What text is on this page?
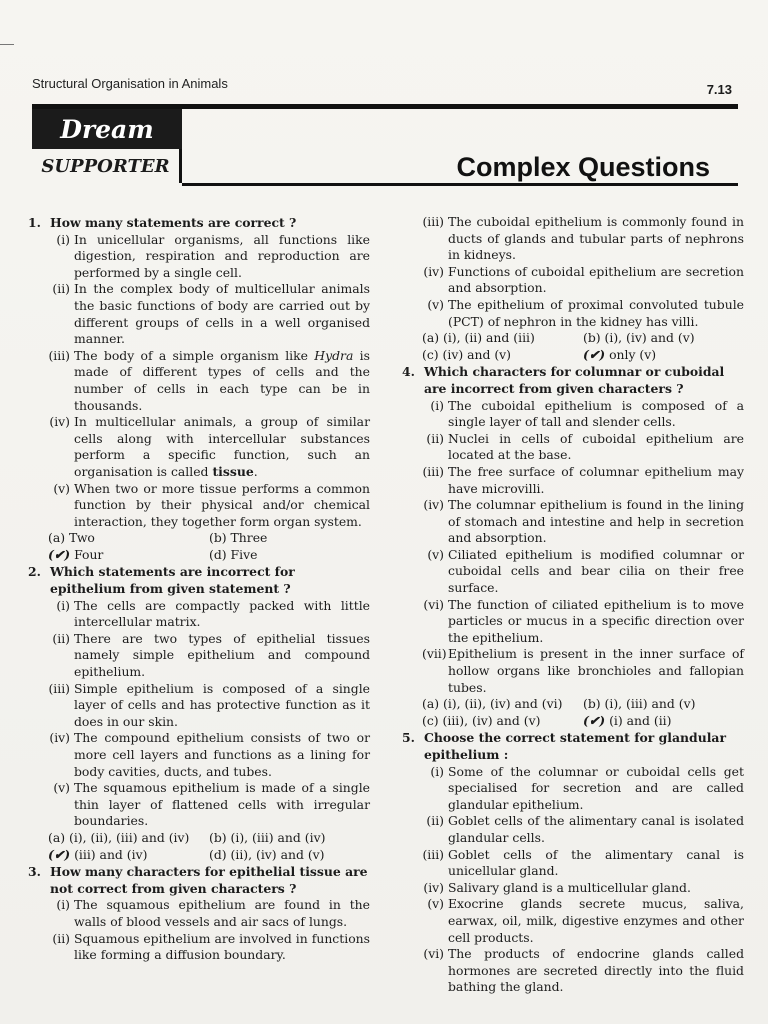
Structural Organisation in Animals	7.13
Dream
SUPPORTER	Complex Questions
1. How many statements are correct ?
(i) In unicellular organisms, all functions like digestion, respiration and reproduction are performed by a single cell.
(ii) In the complex body of multicellular animals the basic functions of body are carried out by different groups of cells in a well organised manner.
(iii) The body of a simple organism like Hydra is made of different types of cells and the number of cells in each type can be in thousands.
(iv) In multicellular animals, a group of similar cells along with intercellular substances perform a specific function, such an organisation is called tissue.
(v) When two or more tissue performs a common function by their physical and/or chemical interaction, they together form organ system.
(a) Two	(b) Three
(✔) Four	(d) Five
2. Which statements are incorrect for epithelium from given statement ?
(i) The cells are compactly packed with little intercellular matrix.
(ii) There are two types of epithelial tissues namely simple epithelium and compound epithelium.
(iii) Simple epithelium is composed of a single layer of cells and has protective function as it does in our skin.
(iv) The compound epithelium consists of two or more cell layers and functions as a lining for body cavities, ducts, and tubes.
(v) The squamous epithelium is made of a single thin layer of flattened cells with irregular boundaries.
(a) (i), (ii), (iii) and (iv)	(b) (i), (iii) and (iv)
(✔) (iii) and (iv)	(d) (ii), (iv) and (v)
3. How many characters for epithelial tissue are not correct from given characters ?
(i) The squamous epithelium are found in the walls of blood vessels and air sacs of lungs.
(ii) Squamous epithelium are involved in functions like forming a diffusion boundary.
(iii) The cuboidal epithelium is commonly found in ducts of glands and tubular parts of nephrons in kidneys.
(iv) Functions of cuboidal epithelium are secretion and absorption.
(v) The epithelium of proximal convoluted tubule (PCT) of nephron in the kidney has villi.
(a) (i), (ii) and (iii)	(b) (i), (iv) and (v)
(c) (iv) and (v)	(✔) only (v)
4. Which characters for columnar or cuboidal are incorrect from given characters ?
(i) The cuboidal epithelium is composed of a single layer of tall and slender cells.
(ii) Nuclei in cells of cuboidal epithelium are located at the base.
(iii) The free surface of columnar epithelium may have microvilli.
(iv) The columnar epithelium is found in the lining of stomach and intestine and help in secretion and absorption.
(v) Ciliated epithelium is modified columnar or cuboidal cells and bear cilia on their free surface.
(vi) The function of ciliated epithelium is to move particles or mucus in a specific direction over the epithelium.
(vii)Epithelium is present in the inner surface of hollow organs like bronchioles and fallopian tubes.
(a) (i), (ii), (iv) and (vi)	(b) (i), (iii) and (v)
(c) (iii), (iv) and (v)	(✔) (i) and (ii)
5. Choose the correct statement for glandular epithelium :
(i) Some of the columnar or cuboidal cells get specialised for secretion and are called glandular epithelium.
(ii) Goblet cells of the alimentary canal is isolated glandular cells.
(iii) Goblet cells of the alimentary canal is unicellular gland.
(iv) Salivary gland is a multicellular gland.
(v) Exocrine glands secrete mucus, saliva, earwax, oil, milk, digestive enzymes and other cell products.
(vi) The products of endocrine glands called hormones are secreted directly into the fluid bathing the gland.
